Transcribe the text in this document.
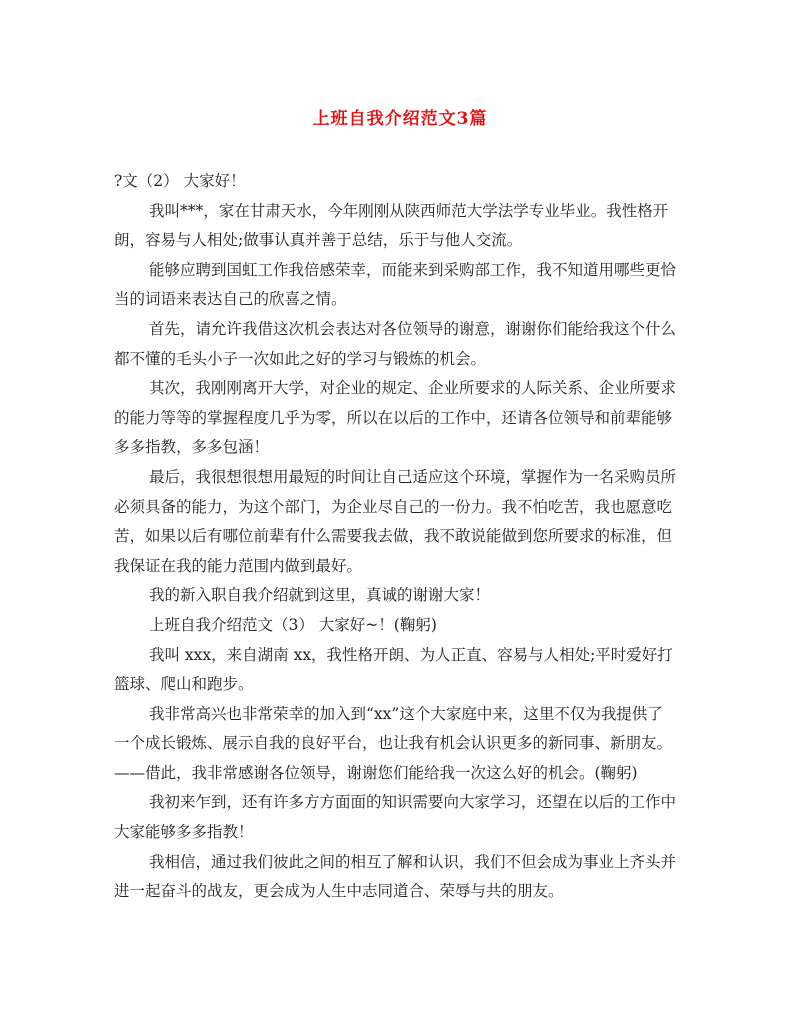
上班自我介绍范文3篇
?文（2） 大家好！
我叫***，家在甘肃天水，今年刚刚从陕西师范大学法学专业毕业。我性格开
朗，容易与人相处;做事认真并善于总结，乐于与他人交流。
能够应聘到国虹工作我倍感荣幸，而能来到采购部工作，我不知道用哪些更恰
当的词语来表达自己的欣喜之情。
首先，请允许我借这次机会表达对各位领导的谢意，谢谢你们能给我这个什么
都不懂的毛头小子一次如此之好的学习与锻炼的机会。
其次，我刚刚离开大学，对企业的规定、企业所要求的人际关系、企业所要求
的能力等等的掌握程度几乎为零，所以在以后的工作中，还请各位领导和前辈能够
多多指教，多多包涵！
最后，我很想很想用最短的时间让自己适应这个环境，掌握作为一名采购员所
必须具备的能力，为这个部门，为企业尽自己的一份力。我不怕吃苦，我也愿意吃
苦，如果以后有哪位前辈有什么需要我去做，我不敢说能做到您所要求的标准，但
我保证在我的能力范围内做到最好。
我的新入职自我介绍就到这里，真诚的谢谢大家！
上班自我介绍范文（3） 大家好~！(鞠躬)
我叫 xxx，来自湖南 xx，我性格开朗、为人正直、容易与人相处;平时爱好打
篮球、爬山和跑步。
我非常高兴也非常荣幸的加入到“xx”这个大家庭中来，这里不仅为我提供了
一个成长锻炼、展示自我的良好平台，也让我有机会认识更多的新同事、新朋友。
——借此，我非常感谢各位领导，谢谢您们能给我一次这么好的机会。(鞠躬)
我初来乍到，还有许多方方面面的知识需要向大家学习，还望在以后的工作中
大家能够多多指教！
我相信，通过我们彼此之间的相互了解和认识，我们不但会成为事业上齐头并
进一起奋斗的战友，更会成为人生中志同道合、荣辱与共的朋友。
